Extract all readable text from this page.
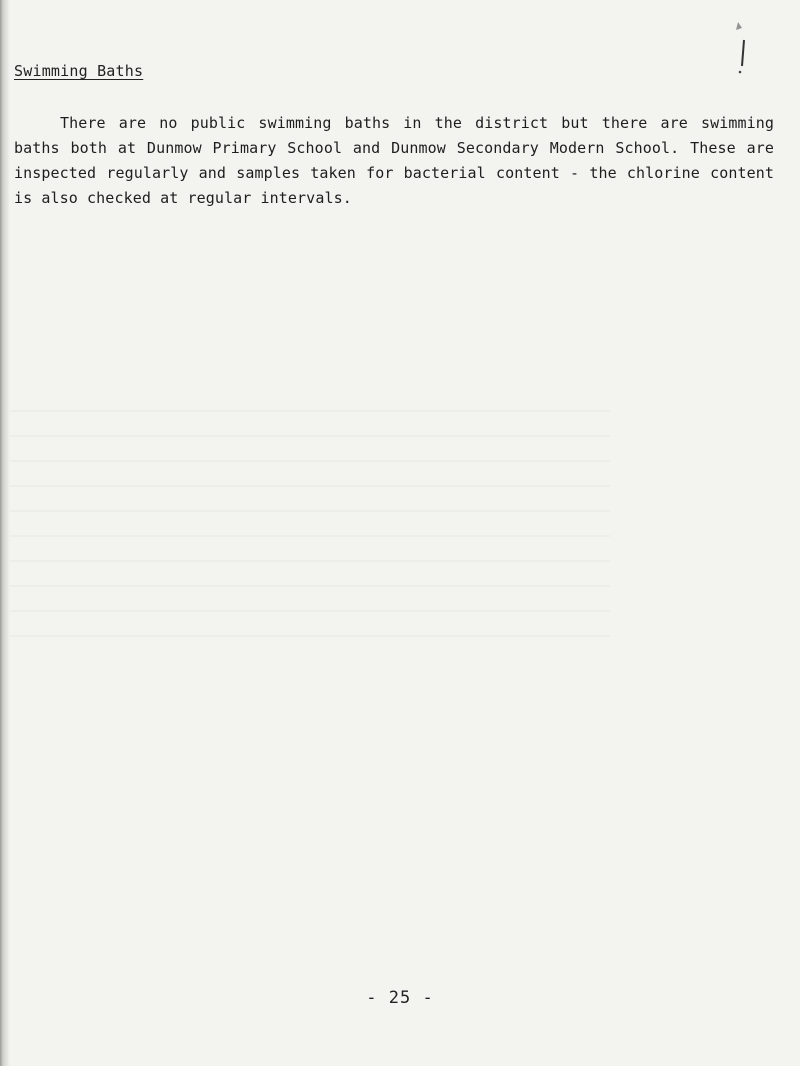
Swimming Baths

There are no public swimming baths in the district but there are swimming baths both at Dunmow Primary School and Dunmow Secondary Modern School. These are inspected regularly and samples taken for bacterial content - the chlorine content is also checked at regular intervals.

- 25 -
